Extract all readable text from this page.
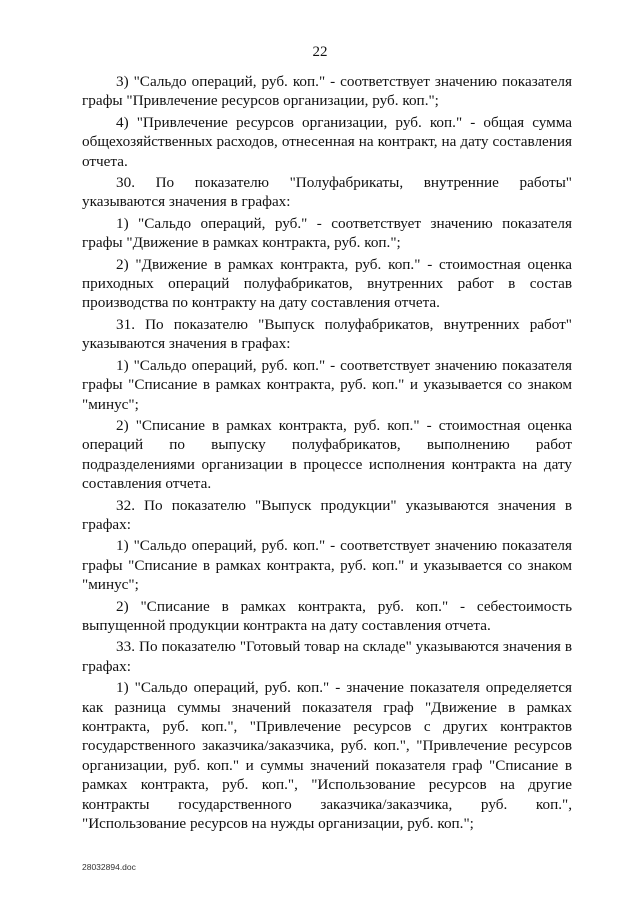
22

3) "Сальдо операций, руб. коп." - соответствует значению показателя графы "Привлечение ресурсов организации, руб. коп.";

4) "Привлечение ресурсов организации, руб. коп." - общая сумма общехозяйственных расходов, отнесенная на контракт, на дату составления отчета.

30. По показателю "Полуфабрикаты, внутренние работы" указываются значения в графах:

1) "Сальдо операций, руб." - соответствует значению показателя графы "Движение в рамках контракта, руб. коп.";

2) "Движение в рамках контракта, руб. коп." - стоимостная оценка приходных операций полуфабрикатов, внутренних работ в состав производства по контракту на дату составления отчета.

31. По показателю "Выпуск полуфабрикатов, внутренних работ" указываются значения в графах:

1) "Сальдо операций, руб. коп." - соответствует значению показателя графы "Списание в рамках контракта, руб. коп." и указывается со знаком "минус";

2) "Списание в рамках контракта, руб. коп." - стоимостная оценка операций по выпуску полуфабрикатов, выполнению работ подразделениями организации в процессе исполнения контракта на дату составления отчета.

32. По показателю "Выпуск продукции" указываются значения в графах:

1) "Сальдо операций, руб. коп." - соответствует значению показателя графы "Списание в рамках контракта, руб. коп." и указывается со знаком "минус";

2) "Списание в рамках контракта, руб. коп." - себестоимость выпущенной продукции контракта на дату составления отчета.

33. По показателю "Готовый товар на складе" указываются значения в графах:

1) "Сальдо операций, руб. коп." - значение показателя определяется как разница суммы значений показателя граф "Движение в рамках контракта, руб. коп.", "Привлечение ресурсов с других контрактов государственного заказчика/заказчика, руб. коп.", "Привлечение ресурсов организации, руб. коп." и суммы значений показателя граф "Списание в рамках контракта, руб. коп.", "Использование ресурсов на другие контракты государственного заказчика/заказчика, руб. коп.", "Использование ресурсов на нужды организации, руб. коп.";

28032894.doc
